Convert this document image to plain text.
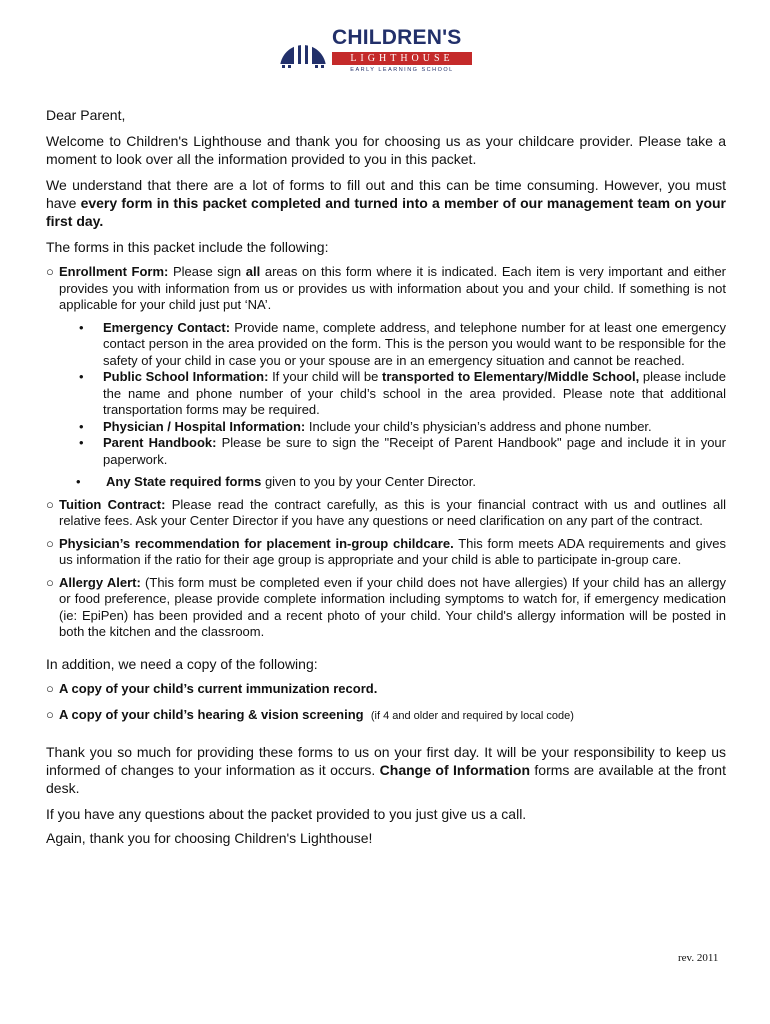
CHILDREN'S
LIGHTHOUSE
EARLY LEARNING SCHOOL

Dear Parent,

Welcome to Children's Lighthouse and thank you for choosing us as your childcare provider. Please take a moment to look over all the information provided to you in this packet.

We understand that there are a lot of forms to fill out and this can be time consuming. However, you must have every form in this packet completed and turned into a member of our management team on your first day.

The forms in this packet include the following:

○ Enrollment Form: Please sign all areas on this form where it is indicated. Each item is very important and either provides you with information from us or provides us with information about you and your child. If something is not applicable for your child just put ‘NA’.
• Emergency Contact: Provide name, complete address, and telephone number for at least one emergency contact person in the area provided on the form. This is the person you would want to be responsible for the safety of your child in case you or your spouse are in an emergency situation and cannot be reached.
• Public School Information: If your child will be transported to Elementary/Middle School, please include the name and phone number of your child’s school in the area provided. Please note that additional transportation forms may be required.
• Physician / Hospital Information: Include your child’s physician’s address and phone number.
• Parent Handbook: Please be sure to sign the "Receipt of Parent Handbook" page and include it in your paperwork.
• Any State required forms given to you by your Center Director.
○ Tuition Contract: Please read the contract carefully, as this is your financial contract with us and outlines all relative fees. Ask your Center Director if you have any questions or need clarification on any part of the contract.
○ Physician’s recommendation for placement in-group childcare. This form meets ADA requirements and gives us information if the ratio for their age group is appropriate and your child is able to participate in-group care.
○ Allergy Alert: (This form must be completed even if your child does not have allergies) If your child has an allergy or food preference, please provide complete information including symptoms to watch for, if emergency medication (ie: EpiPen) has been provided and a recent photo of your child. Your child's allergy information will be posted in both the kitchen and the classroom.

In addition, we need a copy of the following:

○ A copy of your child’s current immunization record.
○ A copy of your child’s hearing & vision screening (if 4 and older and required by local code)

Thank you so much for providing these forms to us on your first day. It will be your responsibility to keep us informed of changes to your information as it occurs. Change of Information forms are available at the front desk.

If you have any questions about the packet provided to you just give us a call.

Again, thank you for choosing Children's Lighthouse!

rev. 2011
